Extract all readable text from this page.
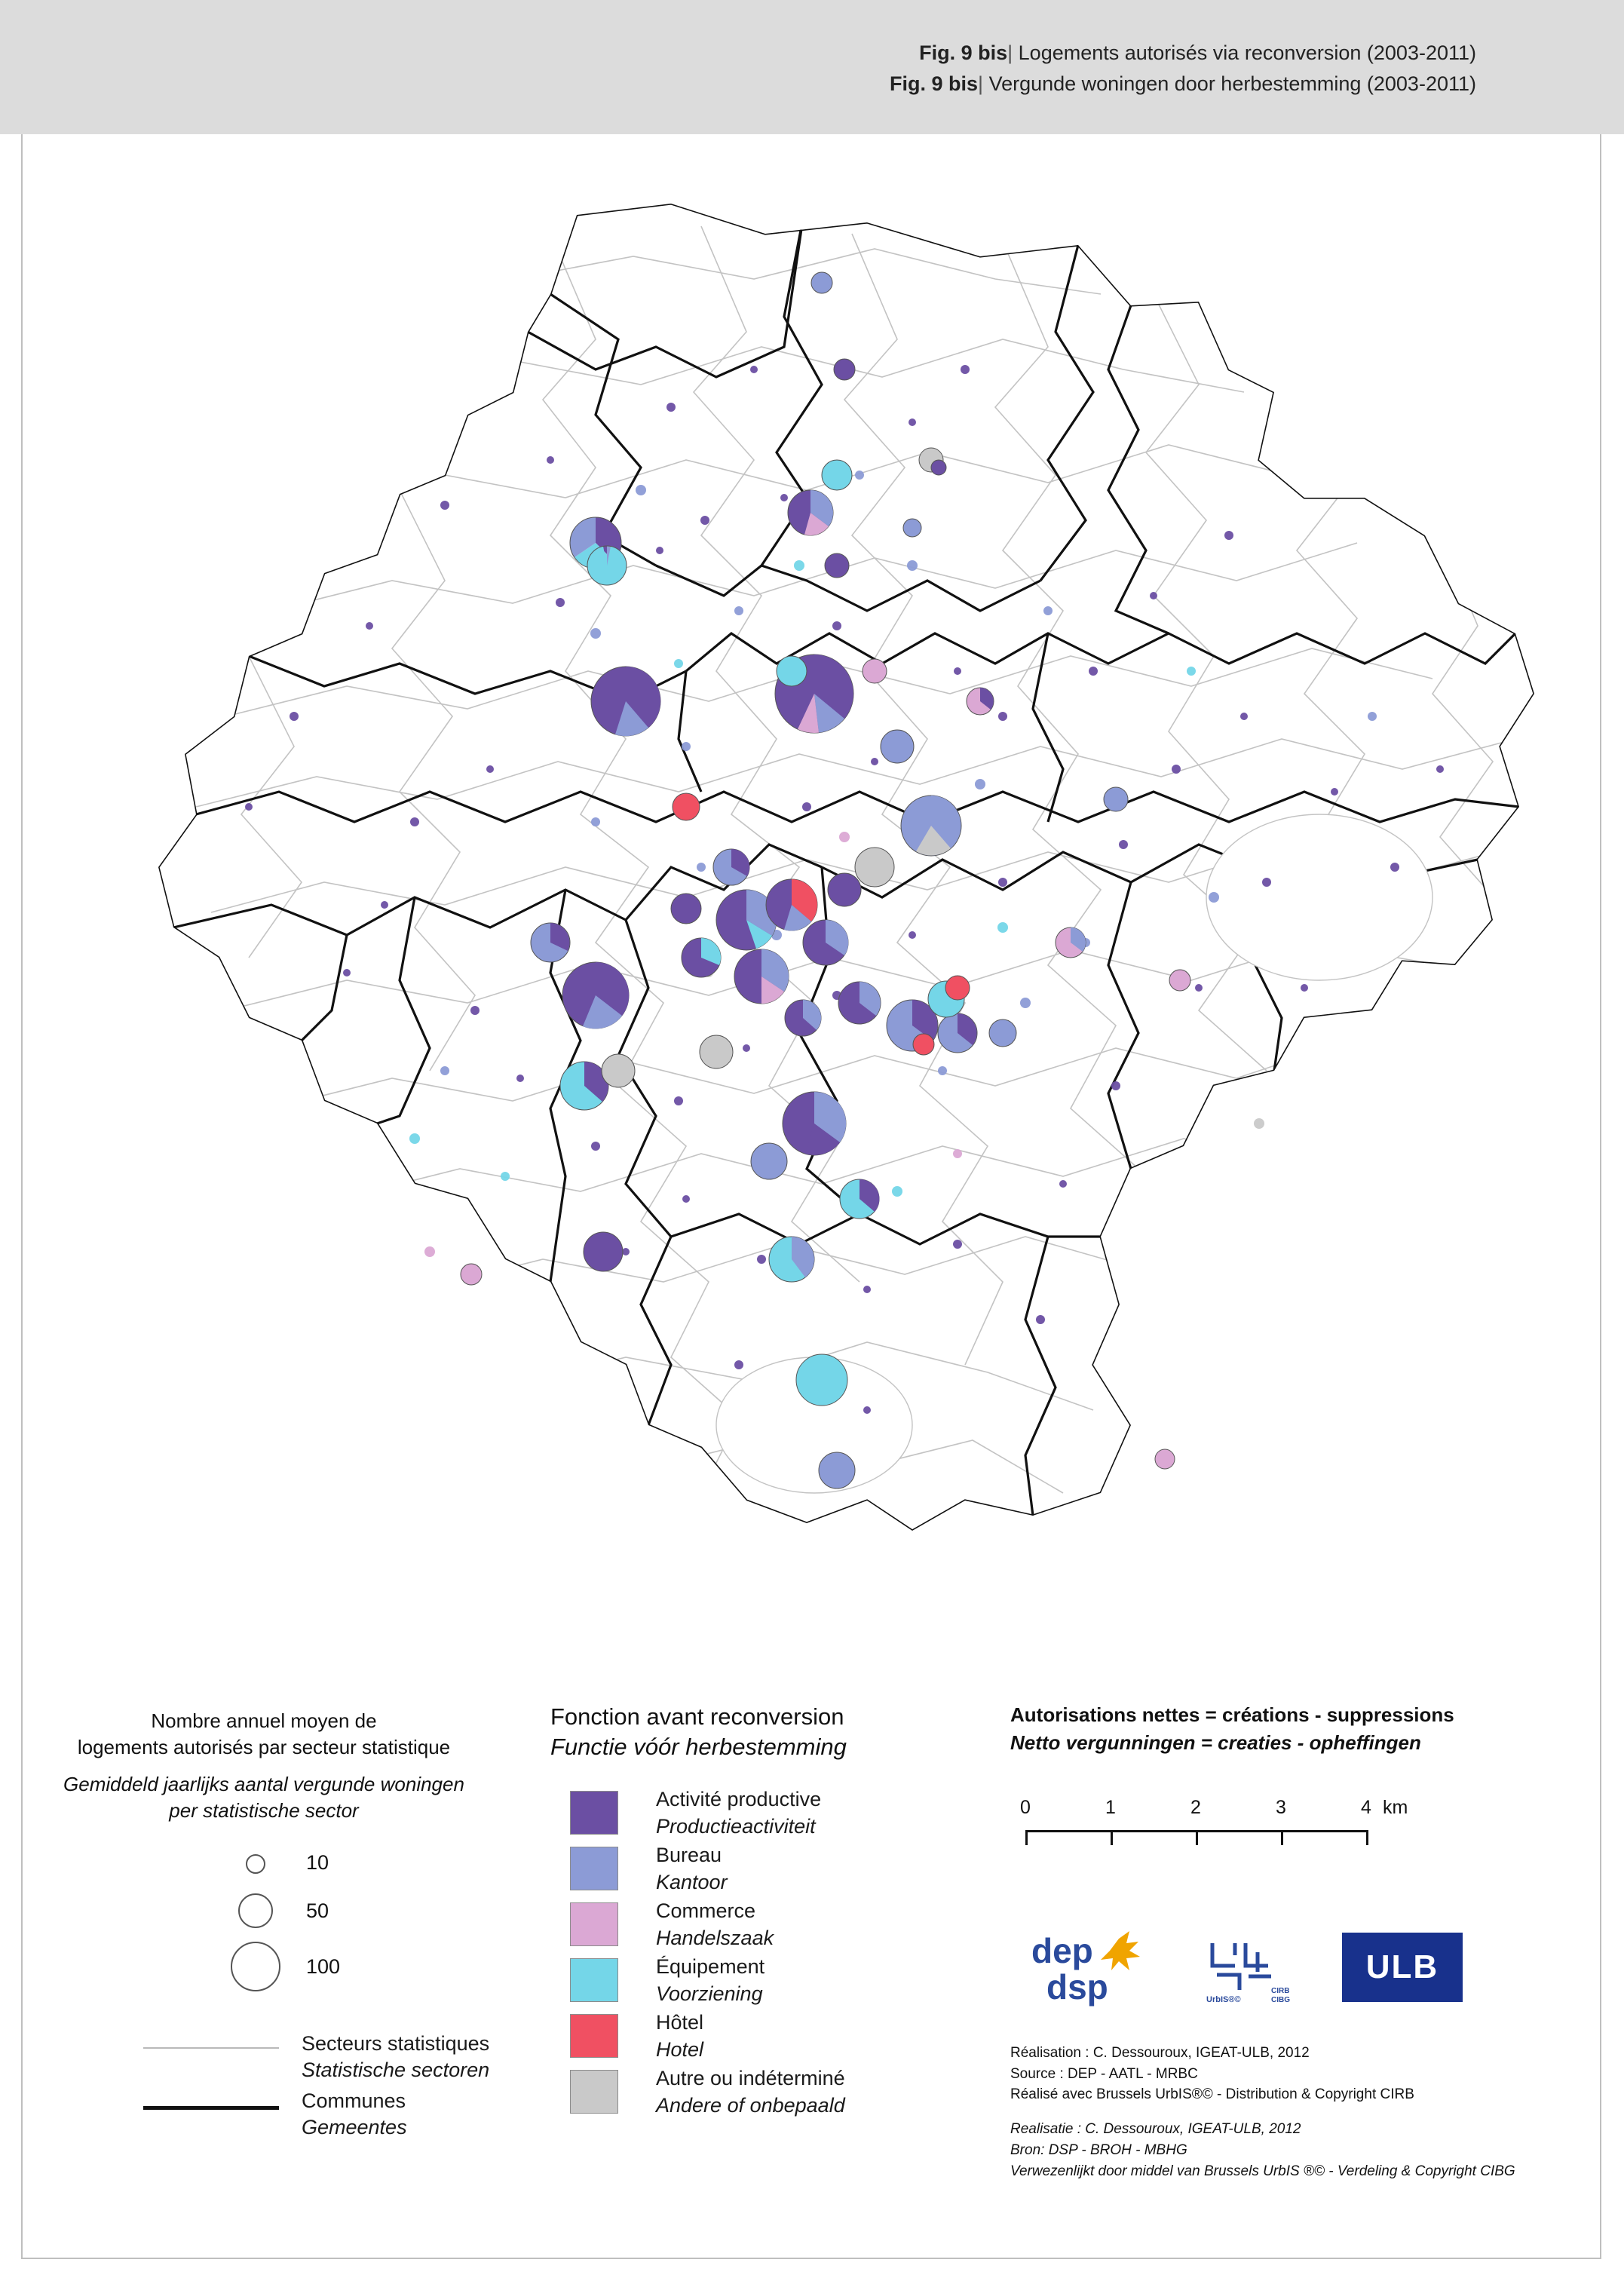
Fig. 9 bis| Logements autorisés via reconversion (2003-2011)
Fig. 9 bis| Vergunde woningen door herbestemming (2003-2011)
Nombre annuel moyen de
logements autorisés par secteur statistique
Gemiddeld jaarlijks aantal vergunde woningen
per statistische sector
10
50
100
Secteurs statistiques
Statistische sectoren
Communes
Gemeentes
Fonction avant reconversion
Functie vóór herbestemming
Activité productive
Productieactiviteit
Bureau
Kantoor
Commerce
Handelszaak
Équipement
Voorziening
Hôtel
Hotel
Autre ou indéterminé
Andere of onbepaald
Autorisations nettes = créations - suppressions
Netto vergunningen = creaties - opheffingen
0	1	2	3	4 km
dep
dsp	UrbIS®©
CIRB
CIBG
ULB
Réalisation : C. Dessouroux, IGEAT-ULB, 2012
Source : DEP - AATL - MRBC
Réalisé avec Brussels UrbIS®© - Distribution & Copyright CIRB
Realisatie : C. Dessouroux, IGEAT-ULB, 2012
Bron: DSP - BROH - MBHG
Verwezenlijkt door middel van Brussels UrbIS ®© - Verdeling & Copyright CIBG
